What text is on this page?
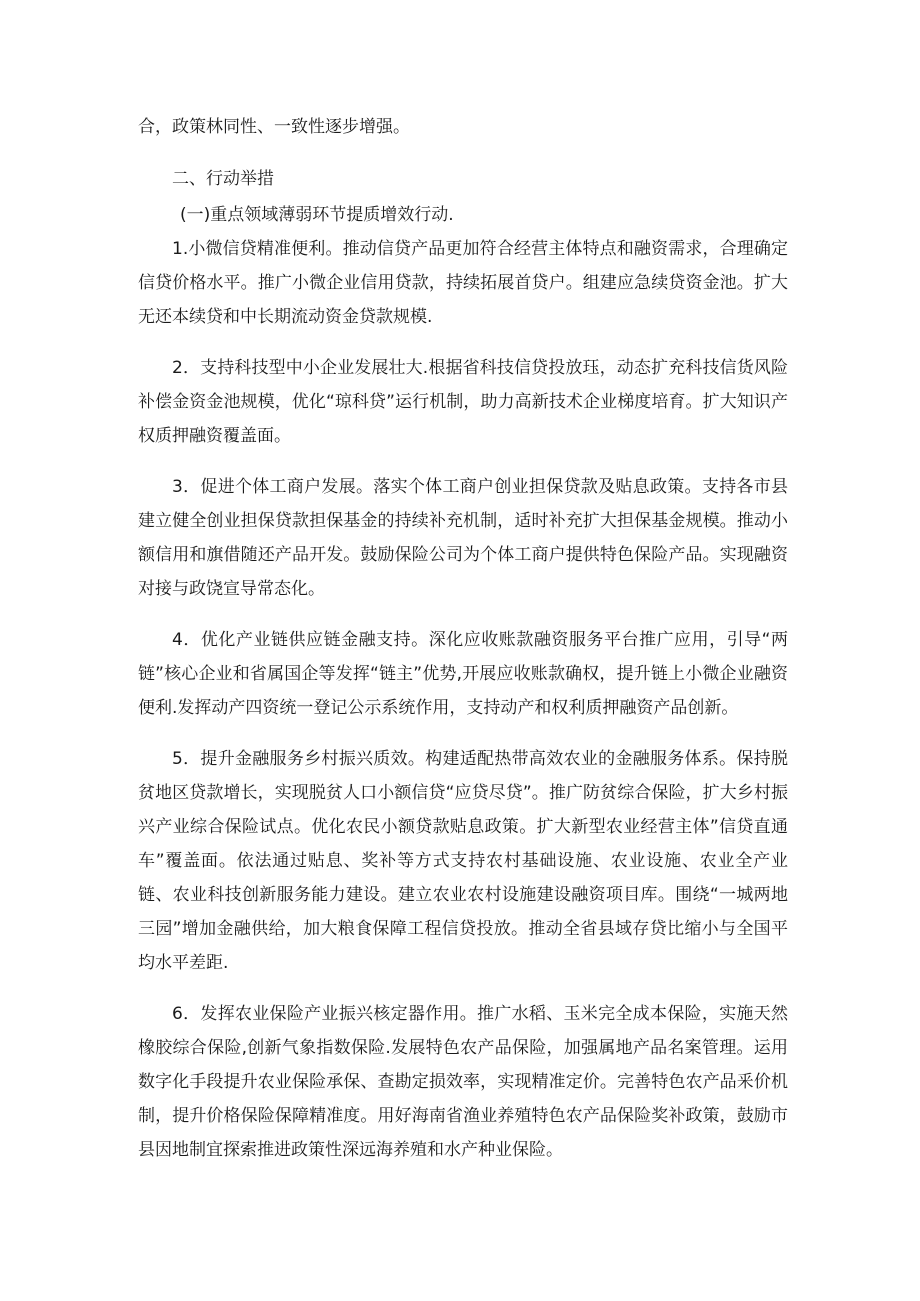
合，政策林同性、一致性逐步增强。

二、行动举措

(一)重点领域薄弱环节提质增效行动.

1.小微信贷精准便利。推动信贷产品更加符合经营主体特点和融资需求，合理确定信贷价格水平。推广小微企业信用贷款，持续拓展首贷户。组建应急续贷资金池。扩大无还本续贷和中长期流动资金贷款规模.

2．支持科技型中小企业发展壮大.根据省科技信贷投放珏，动态扩充科技信货风险补偿金资金池规模，优化“琼科贷”运行机制，助力高新技术企业梯度培育。扩大知识产权质押融资覆盖面。

3．促进个体工商户发展。落实个体工商户创业担保贷款及贴息政策。支持各市县建立健全创业担保贷款担保基金的持续补充机制，适时补充扩大担保基金规模。推动小额信用和旗借随还产品开发。鼓励保险公司为个体工商户提供特色保险产品。实现融资对接与政饶宣导常态化。

4．优化产业链供应链金融支持。深化应收账款融资服务平台推广应用，引导“两链”核心企业和省属国企等发挥“链主”优势,开展应收账款确权，提升链上小微企业融资便利.发挥动产四资统一登记公示系统作用，支持动产和权利质押融资产品创新。

5．提升金融服务乡村振兴质效。构建适配热带高效农业的金融服务体系。保持脱贫地区贷款增长，实现脱贫人口小额信贷“应贷尽贷”。推广防贫综合保险，扩大乡村振兴产业综合保险试点。优化农民小额贷款贴息政策。扩大新型农业经营主体”信贷直通车”覆盖面。依法通过贴息、奖补等方式支持农村基础设施、农业设施、农业全产业链、农业科技创新服务能力建设。建立农业农村设施建设融资项目库。围绕“一城两地三园”增加金融供给，加大粮食保障工程信贷投放。推动全省县域存贷比缩小与全国平均水平差距.

6．发挥农业保险产业振兴核定器作用。推广水稻、玉米完全成本保险，实施天然橡胶综合保险,创新气象指数保险.发展特色农产品保险，加强属地产品名案管理。运用数字化手段提升农业保险承保、查勘定损效率，实现精准定价。完善特色农产品釆价机制，提升价格保险保障精准度。用好海南省渔业养殖特色农产品保险奖补政策，鼓励市县因地制宜探索推进政策性深远海养殖和水产种业保险。
